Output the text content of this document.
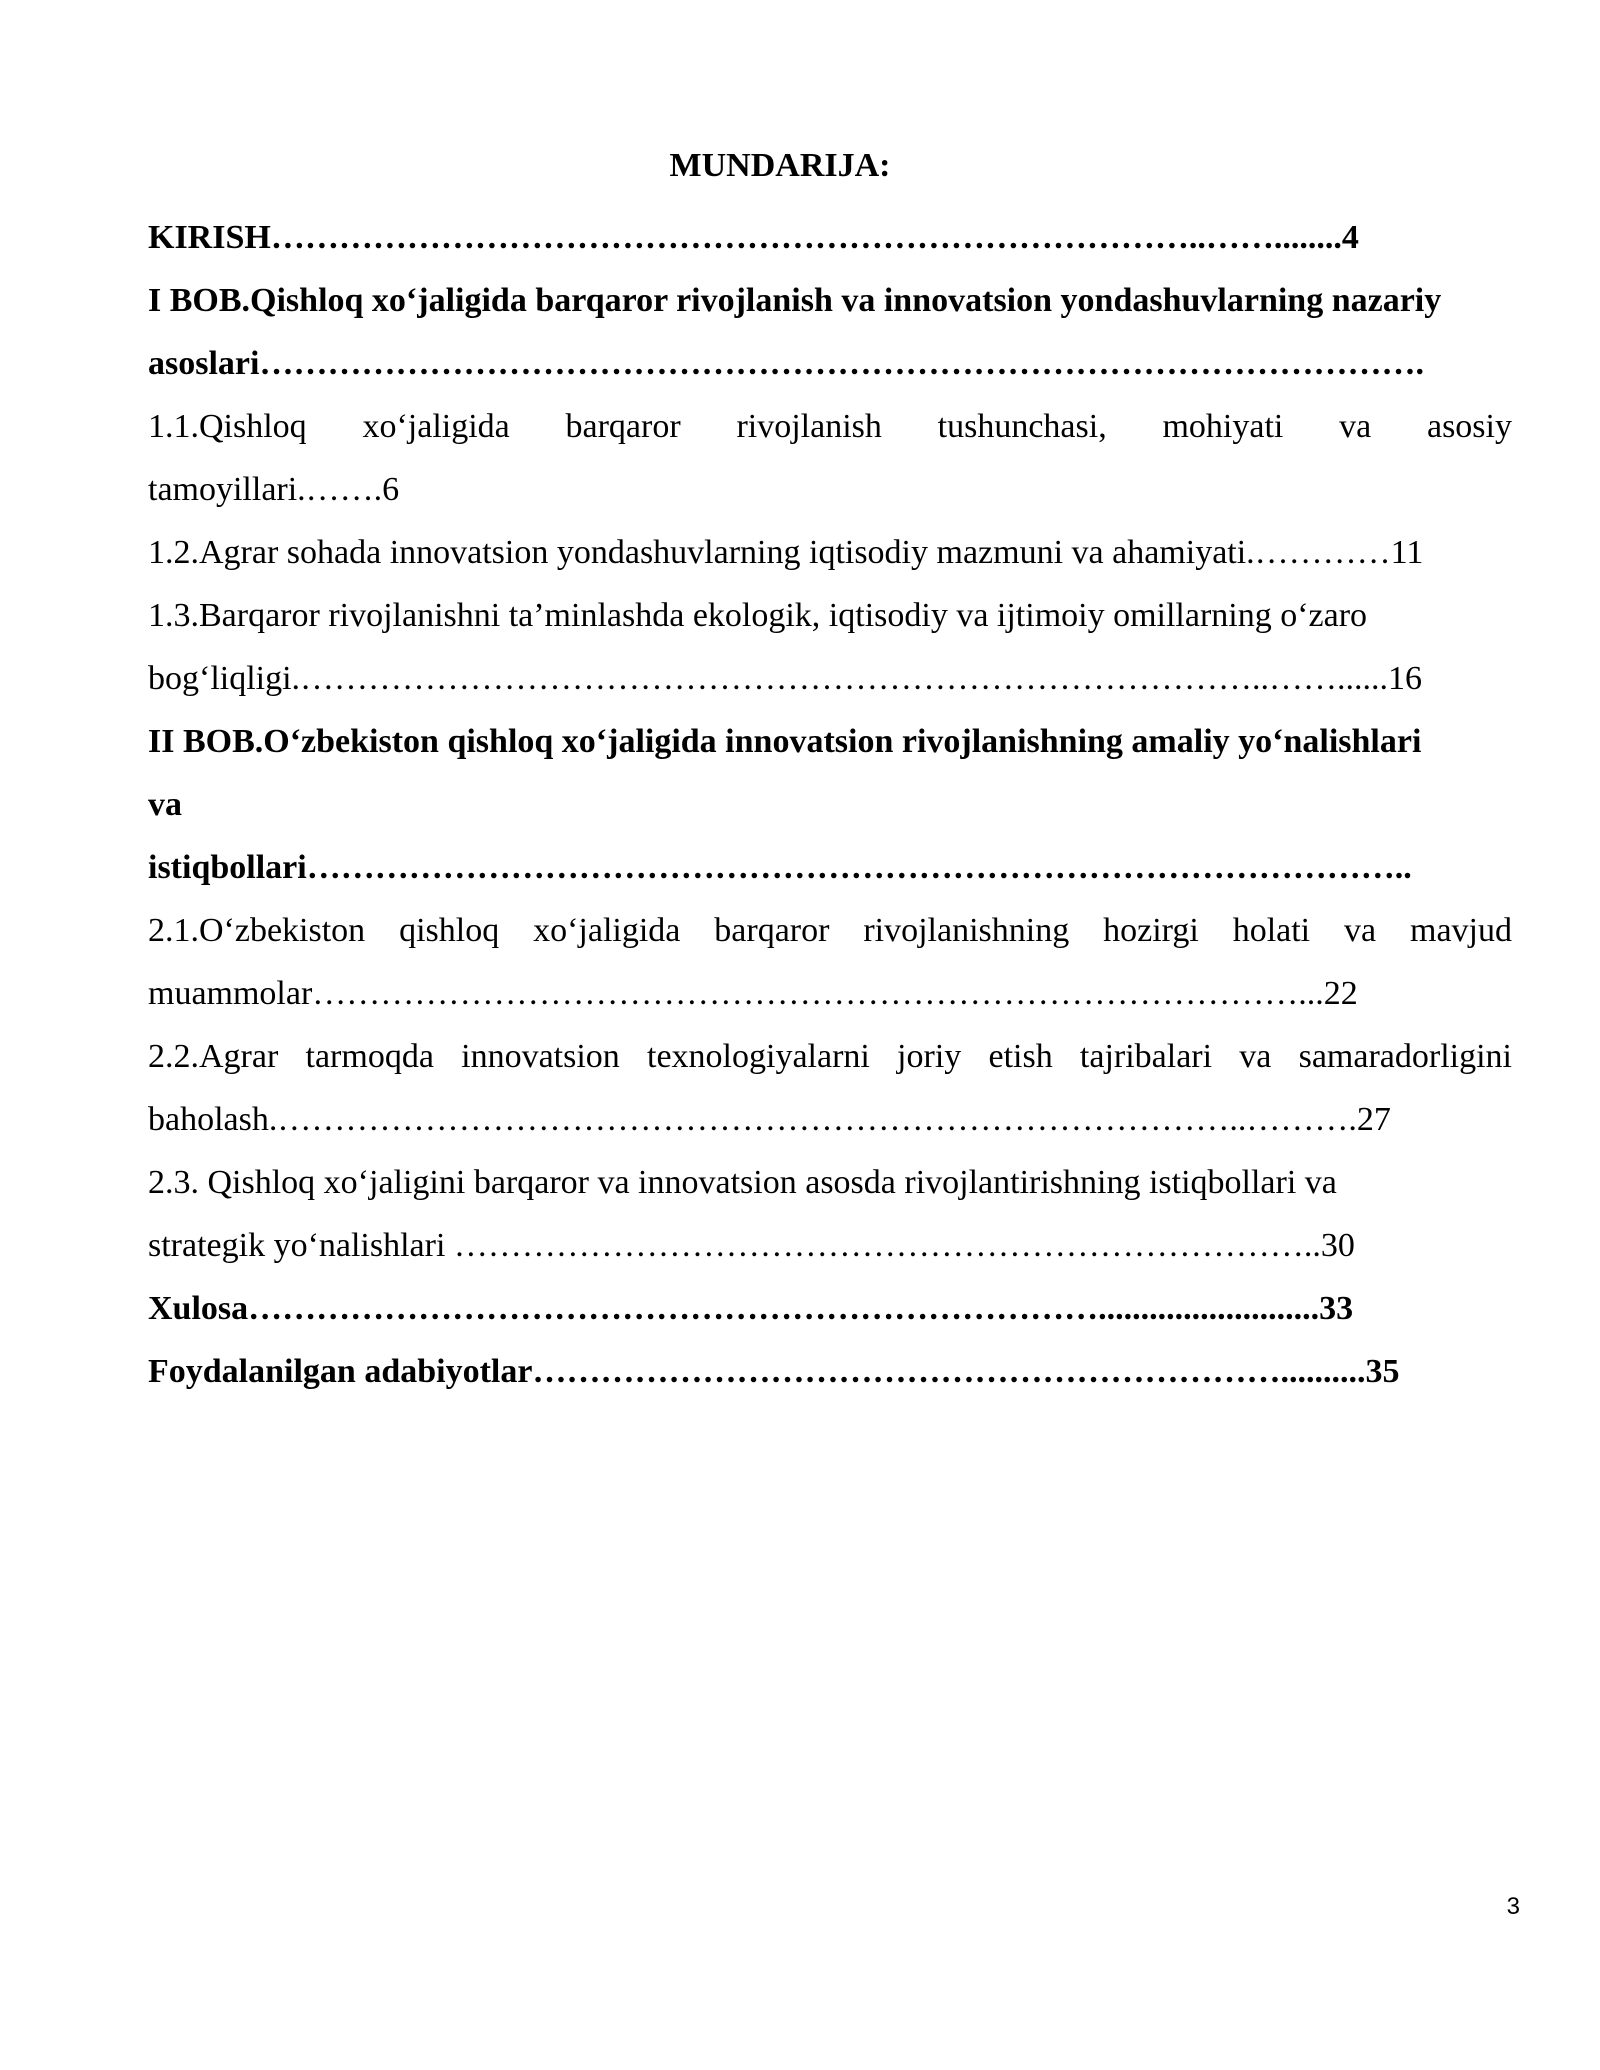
MUNDARIJA:
KIRISH………………………………………………………………………..……........4
I BOB.Qishloq xo‘jaligida barqaror rivojlanish va innovatsion yondashuvlarning nazariy
asoslari………………………………………………………………………………………….
1.1.Qishloq xo‘jaligida barqaror rivojlanish tushunchasi, mohiyati va asosiy
tamoyillari.…….6
1.2.Agrar sohada innovatsion yondashuvlarning iqtisodiy mazmuni va ahamiyati.…………11
1.3.Barqaror rivojlanishni ta’minlashda ekologik, iqtisodiy va ijtimoiy omillarning o‘zaro
bog‘liqligi.…………………………………………………………………………..……......16
II BOB.O‘zbekiston qishloq xo‘jaligida innovatsion rivojlanishning amaliy yo‘nalishlari
va
istiqbollari……………………………………………………………………………………..
2.1.O‘zbekiston qishloq xo‘jaligida barqaror rivojlanishning hozirgi holati va mavjud
muammolar……………………………………………………………………………...22
2.2.Agrar tarmoqda innovatsion texnologiyalarni joriy etish tajribalari va samaradorligini
baholash.…………………………………………………………………………..……….27
2.3. Qishloq xo‘jaligini barqaror va innovatsion asosda rivojlantirishning istiqbollari va
strategik yo‘nalishlari …………………………………………………………………..30
Xulosa…………………………………………………………………..........................33
Foydalanilgan adabiyotlar…………………………………………………………..........35
3
